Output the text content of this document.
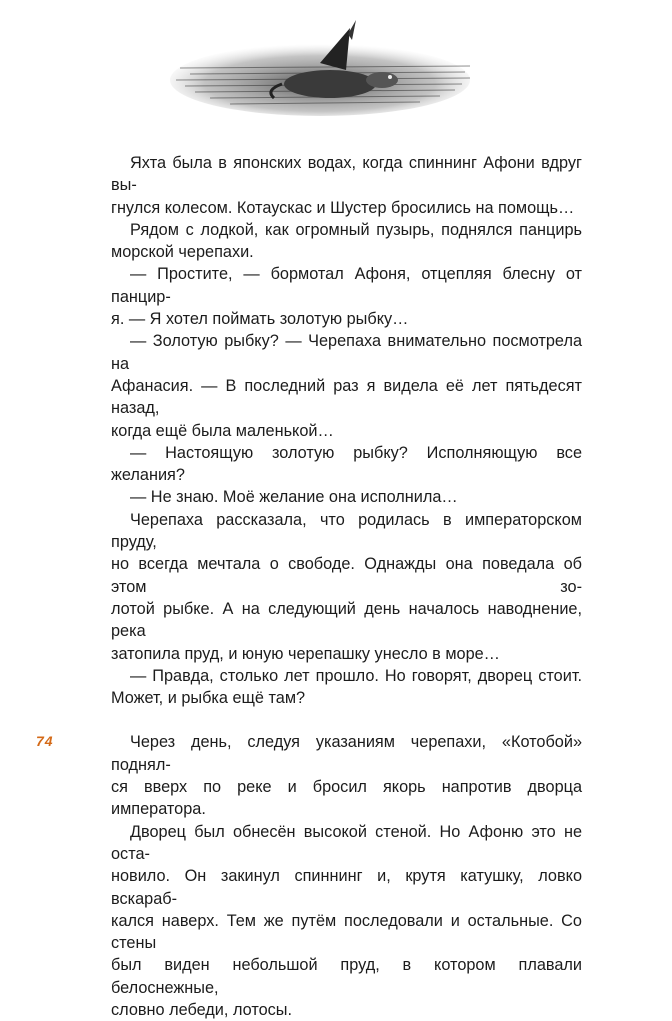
Яхта была в японских водах, когда спиннинг Афони вдруг вы-
гнулся колесом. Котаускас и Шустер бросились на помощь…

Рядом с лодкой, как огромный пузырь, поднялся панцирь
морской черепахи.

— Простите, — бормотал Афоня, отцепляя блесну от панцир-
я. — Я хотел поймать золотую рыбку…

— Золотую рыбку? — Черепаха внимательно посмотрела на
Афанасия. — В последний раз я видела её лет пятьдесят назад,
когда ещё была маленькой…

— Настоящую золотую рыбку? Исполняющую все желания?

— Не знаю. Моё желание она исполнила…

Черепаха рассказала, что родилась в императорском пруду,
но всегда мечтала о свободе. Однажды она поведала об этом зо-
лотой рыбке. А на следующий день началось наводнение, река
затопила пруд, и юную черепашку унесло в море…

— Правда, столько лет прошло. Но говорят, дворец стоит.
Может, и рыбка ещё там?

Через день, следуя указаниям черепахи, «Котобой» поднял-
ся вверх по реке и бросил якорь напротив дворца императора.

Дворец был обнесён высокой стеной. Но Афоню это не оста-
новило. Он закинул спиннинг и, крутя катушку, ловко вскараб-
кался наверх. Тем же путём последовали и остальные. Со стены
был виден небольшой пруд, в котором плавали белоснежные,
словно лебеди, лотосы.

74
